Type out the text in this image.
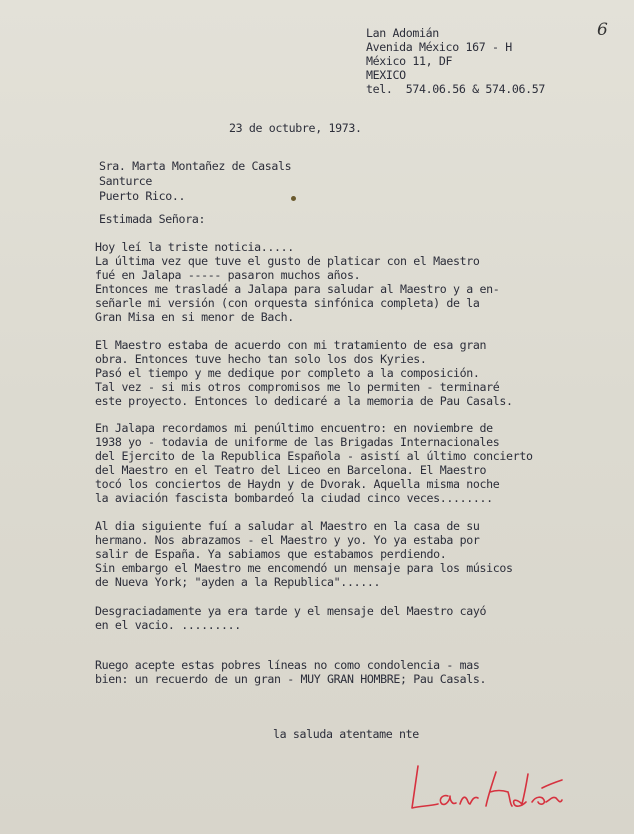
6
Lan Adomián
Avenida México 167 - H
México 11, DF
MEXICO
tel.  574.06.56 & 574.06.57
23 de octubre, 1973.
Sra. Marta Montañez de Casals
Santurce
Puerto Rico..
Estimada Señora:
Hoy leí la triste noticia.....
La última vez que tuve el gusto de platicar con el Maestro
fué en Jalapa ----- pasaron muchos años.
Entonces me trasladé a Jalapa para saludar al Maestro y a en-
señarle mi versión (con orquesta sinfónica completa) de la
Gran Misa en si menor de Bach.
El Maestro estaba de acuerdo con mi tratamiento de esa gran
obra. Entonces tuve hecho tan solo los dos Kyries.
Pasó el tiempo y me dedique por completo a la composición.
Tal vez - si mis otros compromisos me lo permiten - terminaré
este proyecto. Entonces lo dedicaré a la memoria de Pau Casals.
En Jalapa recordamos mi penúltimo encuentro: en noviembre de
1938 yo - todavia de uniforme de las Brigadas Internacionales
del Ejercito de la Republica Española - asistí al último concierto
del Maestro en el Teatro del Liceo en Barcelona. El Maestro
tocó los conciertos de Haydn y de Dvorak. Aquella misma noche
la aviación fascista bombardeó la ciudad cinco veces........
Al dia siguiente fuí a saludar al Maestro en la casa de su
hermano. Nos abrazamos - el Maestro y yo. Yo ya estaba por
salir de España. Ya sabiamos que estabamos perdiendo.
Sin embargo el Maestro me encomendó un mensaje para los músicos
de Nueva York; "ayden a la Republica"......
Desgraciadamente ya era tarde y el mensaje del Maestro cayó
en el vacio. .........
Ruego acepte estas pobres líneas no como condolencia - mas
bien: un recuerdo de un gran - MUY GRAN HOMBRE; Pau Casals.
la saluda atentame nte
